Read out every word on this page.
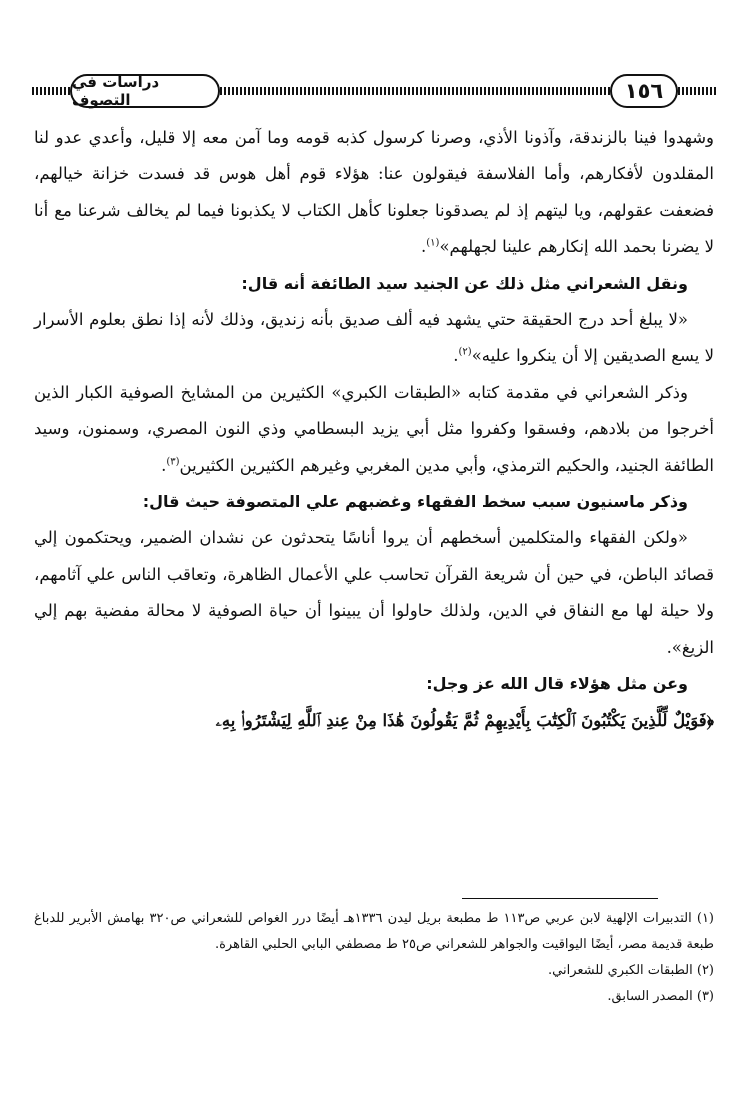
دراسات في التصوف	١٥٦

وشهدوا فينا بالزندقة، وآذونا الأذي، وصرنا كرسول كذبه قومه وما آمن معه إلا قليل، وأعدي عدو لنا المقلدون لأفكارهم، وأما الفلاسفة فيقولون عنا: هؤلاء قوم أهل هوس قد فسدت خزانة خيالهم، فضعفت عقولهم، ويا ليتهم إذ لم يصدقونا جعلونا كأهل الكتاب لا يكذبونا فيما لم يخالف شرعنا مع أنا لا يضرنا بحمد الله إنكارهم علينا لجهلهم»$^{(١)}$.

ونقل الشعراني مثل ذلك عن الجنيد سيد الطائفة أنه قال:

«لا يبلغ أحد درج الحقيقة حتي يشهد فيه ألف صديق بأنه زنديق، وذلك لأنه إذا نطق بعلوم الأسرار لا يسع الصديقين إلا أن ينكروا عليه»$^{(٢)}$.

وذكر الشعراني في مقدمة كتابه «الطبقات الكبري» الكثيرين من المشايخ الصوفية الكبار الذين أخرجوا من بلادهم، وفسقوا وكفروا مثل أبي يزيد البسطامي وذي النون المصري، وسمنون، وسيد الطائفة الجنيد، والحكيم الترمذي، وأبي مدين المغربي وغيرهم الكثيرين الكثيرين$^{(٣)}$.

وذكر ماسنيون سبب سخط الفقهاء وغضبهم علي المتصوفة حيث قال:

«ولكن الفقهاء والمتكلمين أسخطهم أن يروا أناسًا يتحدثون عن نشدان الضمير، ويحتكمون إلي قصائد الباطن، في حين أن شريعة القرآن تحاسب علي الأعمال الظاهرة، وتعاقب الناس علي آثامهم، ولا حيلة لها مع النفاق في الدين، ولذلك حاولوا أن يبينوا أن حياة الصوفية لا محالة مفضية بهم إلي الزيغ».

وعن مثل هؤلاء قال الله عز وجل:

﴿فَوَيْلٌ لِّلَّذِينَ يَكْتُبُونَ ٱلْكِتَٰبَ بِأَيْدِيهِمْ ثُمَّ يَقُولُونَ هَٰذَا مِنْ عِندِ ٱللَّهِ لِيَشْتَرُوا۟ بِهِۦ

(١) التدبيرات الإلهية لابن عربي ص١١٣ ط مطبعة بريل ليدن ١٣٣٦هـ أيضًا درر الغواص للشعراني ص٣٢٠ بهامش الأبرير للدباغ طبعة قديمة مصر، أيضًا اليواقيت والجواهر للشعراني ص٢٥ ط مصطفي البابي الحلبي القاهرة.

(٢) الطبقات الكبري للشعراني.

(٣) المصدر السابق.
